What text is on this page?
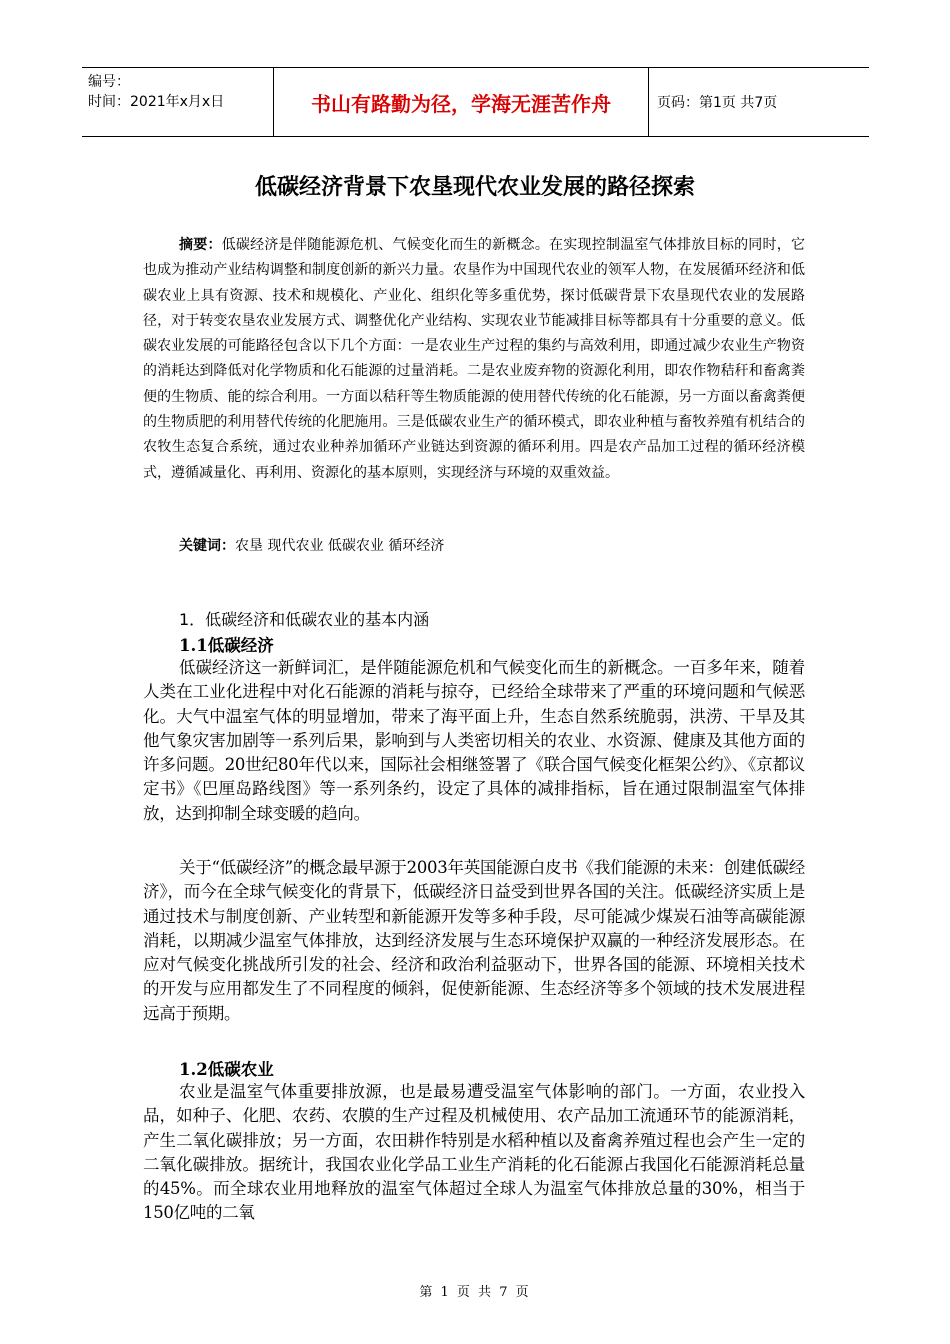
编号：
时间：2021年x月x日	书山有路勤为径，学海无涯苦作舟	页码：第1页 共7页
低碳经济背景下农垦现代农业发展的路径探索

摘要：低碳经济是伴随能源危机、气候变化而生的新概念。在实现控制温室气体排放目标的同时，它也成为推动产业结构调整和制度创新的新兴力量。农垦作为中国现代农业的领军人物，在发展循环经济和低碳农业上具有资源、技术和规模化、产业化、组织化等多重优势，探讨低碳背景下农垦现代农业的发展路径，对于转变农垦农业发展方式、调整优化产业结构、实现农业节能减排目标等都具有十分重要的意义。低碳农业发展的可能路径包含以下几个方面：一是农业生产过程的集约与高效利用，即通过减少农业生产物资的消耗达到降低对化学物质和化石能源的过量消耗。二是农业废弃物的资源化利用，即农作物秸秆和畜禽粪便的生物质、能的综合利用。一方面以秸秆等生物质能源的使用替代传统的化石能源，另一方面以畜禽粪便的生物质肥的利用替代传统的化肥施用。三是低碳农业生产的循环模式，即农业种植与畜牧养殖有机结合的农牧生态复合系统，通过农业种养加循环产业链达到资源的循环利用。四是农产品加工过程的循环经济模式，遵循减量化、再利用、资源化的基本原则，实现经济与环境的双重效益。

关键词：农垦 现代农业 低碳农业 循环经济
1．低碳经济和低碳农业的基本内涵
1.1低碳经济

低碳经济这一新鲜词汇，是伴随能源危机和气候变化而生的新概念。一百多年来，随着人类在工业化进程中对化石能源的消耗与掠夺，已经给全球带来了严重的环境问题和气候恶化。大气中温室气体的明显增加，带来了海平面上升，生态自然系统脆弱，洪涝、干旱及其他气象灾害加剧等一系列后果，影响到与人类密切相关的农业、水资源、健康及其他方面的许多问题。20世纪80年代以来，国际社会相继签署了《联合国气候变化框架公约》、《京都议定书》《巴厘岛路线图》等一系列条约，设定了具体的减排指标，旨在通过限制温室气体排放，达到抑制全球变暖的趋向。

关于“低碳经济”的概念最早源于2003年英国能源白皮书《我们能源的未来：创建低碳经济》，而今在全球气候变化的背景下，低碳经济日益受到世界各国的关注。低碳经济实质上是通过技术与制度创新、产业转型和新能源开发等多种手段，尽可能减少煤炭石油等高碳能源消耗，以期减少温室气体排放，达到经济发展与生态环境保护双赢的一种经济发展形态。在应对气候变化挑战所引发的社会、经济和政治利益驱动下，世界各国的能源、环境相关技术的开发与应用都发生了不同程度的倾斜，促使新能源、生态经济等多个领域的技术发展进程远高于预期。

1.2低碳农业

农业是温室气体重要排放源，也是最易遭受温室气体影响的部门。一方面，农业投入品，如种子、化肥、农药、农膜的生产过程及机械使用、农产品加工流通环节的能源消耗，产生二氧化碳排放；另一方面，农田耕作特别是水稻种植以及畜禽养殖过程也会产生一定的二氧化碳排放。据统计，我国农业化学品工业生产消耗的化石能源占我国化石能源消耗总量的45%。而全球农业用地释放的温室气体超过全球人为温室气体排放总量的30%，相当于150亿吨的二氧

第 1 页 共 7 页
